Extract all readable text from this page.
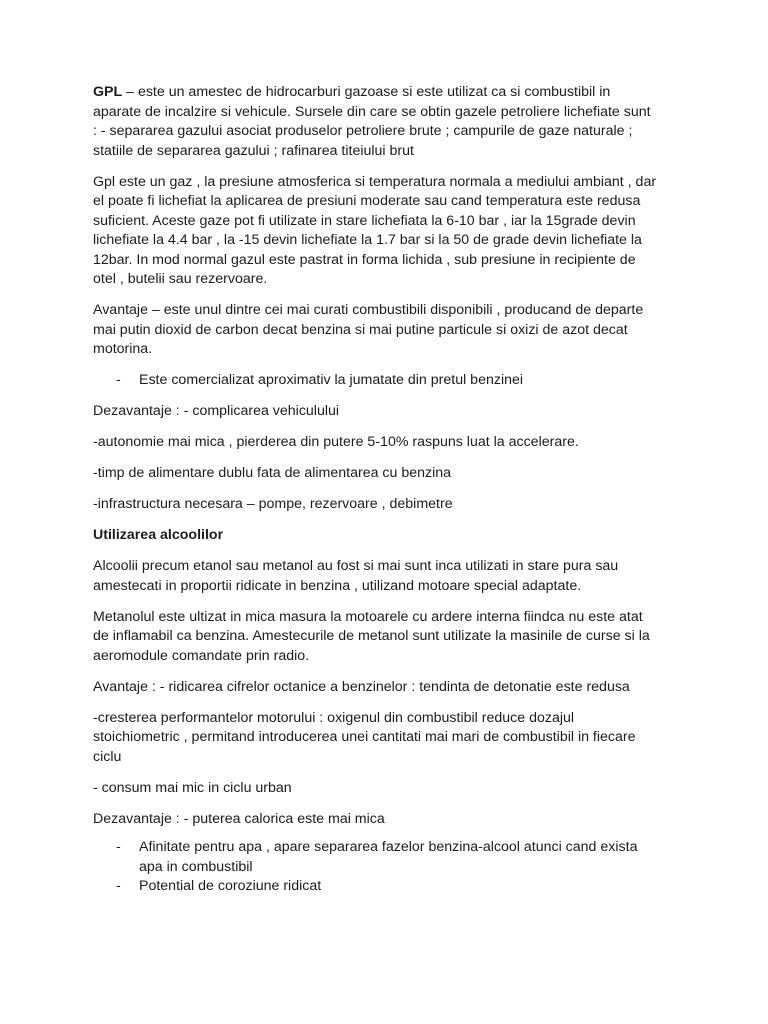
GPL – este un amestec de hidrocarburi gazoase si este utilizat ca si combustibil in aparate de incalzire si vehicule. Sursele din care se obtin gazele petroliere lichefiate sunt : - separarea gazului asociat produselor petroliere brute ; campurile de gaze naturale ; statiile de separarea gazului ; rafinarea titeiului brut

Gpl este un gaz , la presiune atmosferica si temperatura normala a mediului ambiant , dar el poate fi lichefiat la aplicarea de presiuni moderate sau cand temperatura este redusa suficient. Aceste gaze pot fi utilizate in stare lichefiata la 6-10 bar , iar la 15grade devin lichefiate la 4.4 bar , la -15 devin lichefiate la 1.7 bar si la 50 de grade devin lichefiate la 12bar. In mod normal gazul este pastrat in forma lichida , sub presiune in recipiente de otel , butelii sau rezervoare.

Avantaje – este unul dintre cei mai curati combustibili disponibili , producand de departe mai putin dioxid de carbon decat benzina si mai putine particule si oxizi de azot decat motorina.

- Este comercializat aproximativ la jumatate din pretul benzinei

Dezavantaje : - complicarea vehiculului

-autonomie mai mica , pierderea din putere 5-10% raspuns luat la accelerare.

-timp de alimentare dublu fata de alimentarea cu benzina

-infrastructura necesara – pompe, rezervoare , debimetre

Utilizarea alcoolilor

Alcoolii precum etanol sau metanol au fost si mai sunt inca utilizati in stare pura sau amestecati in proportii ridicate in benzina , utilizand motoare special adaptate.

Metanolul este ultizat in mica masura la motoarele cu ardere interna fiindca nu este atat de inflamabil ca benzina. Amestecurile de metanol sunt utilizate la masinile de curse si la aeromodule comandate prin radio.

Avantaje : - ridicarea cifrelor octanice a benzinelor : tendinta de detonatie este redusa

-cresterea performantelor motorului : oxigenul din combustibil reduce dozajul stoichiometric , permitand introducerea unei cantitati mai mari de combustibil in fiecare ciclu

- consum mai mic in ciclu urban

Dezavantaje : - puterea calorica este mai mica

- Afinitate pentru apa , apare separarea fazelor benzina-alcool atunci cand exista apa in combustibil
- Potential de coroziune ridicat
